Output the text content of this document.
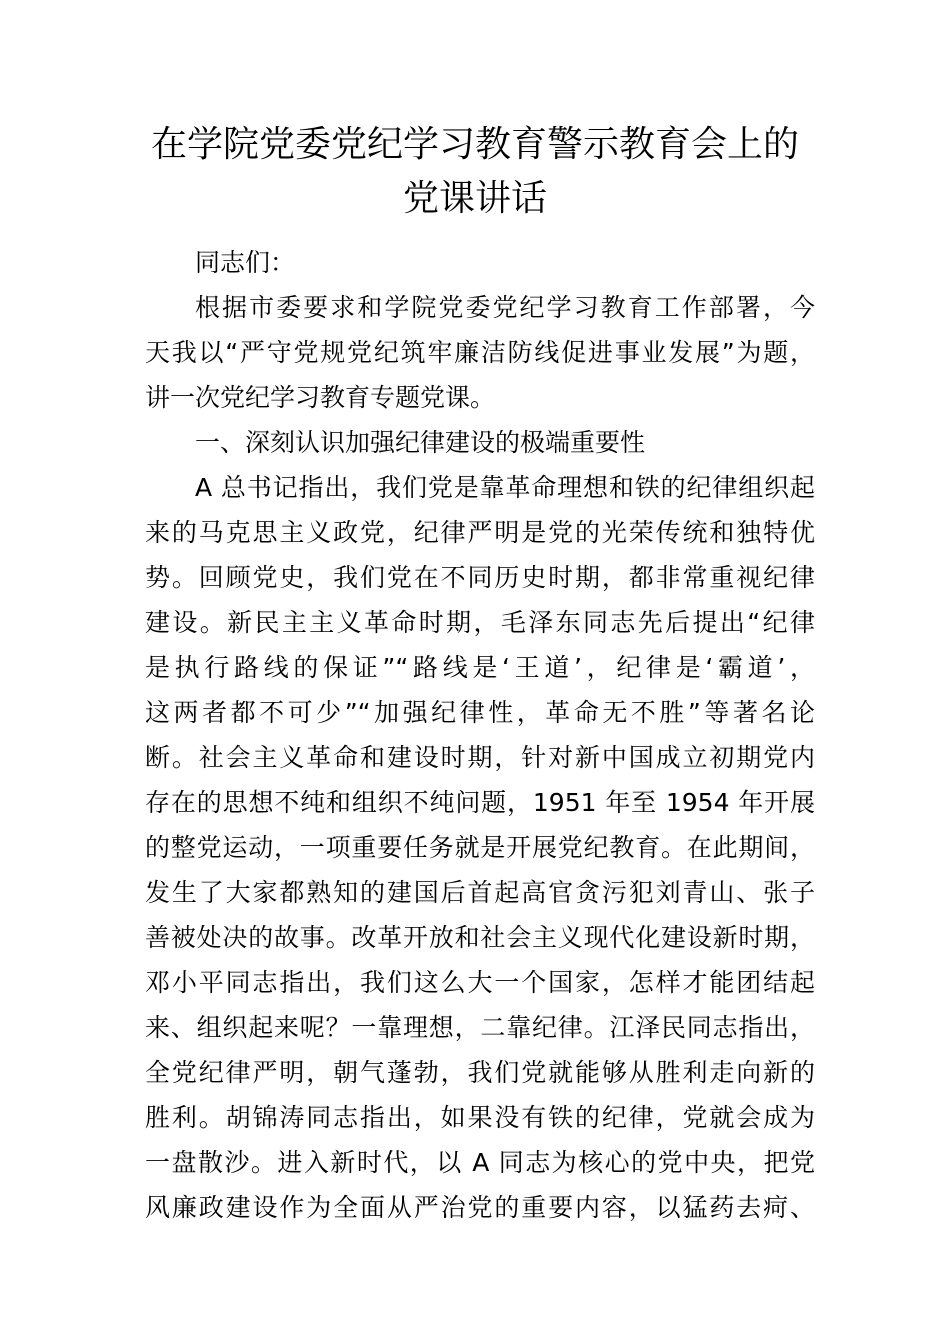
在学院党委党纪学习教育警示教育会上的
党课讲话
同志们：
根据市委要求和学院党委党纪学习教育工作部署，今
天我以“严守党规党纪筑牢廉洁防线促进事业发展”为题，
讲一次党纪学习教育专题党课。
一、深刻认识加强纪律建设的极端重要性
A 总书记指出，我们党是靠革命理想和铁的纪律组织起
来的马克思主义政党，纪律严明是党的光荣传统和独特优
势。回顾党史，我们党在不同历史时期，都非常重视纪律
建设。新民主主义革命时期，毛泽东同志先后提出“纪律
是执行路线的保证”“路线是‘王道’，纪律是‘霸道’，
这两者都不可少”“加强纪律性，革命无不胜”等著名论
断。社会主义革命和建设时期，针对新中国成立初期党内
存在的思想不纯和组织不纯问题，1951 年至 1954 年开展
的整党运动，一项重要任务就是开展党纪教育。在此期间，
发生了大家都熟知的建国后首起高官贪污犯刘青山、张子
善被处决的故事。改革开放和社会主义现代化建设新时期，
邓小平同志指出，我们这么大一个国家，怎样才能团结起
来、组织起来呢？一靠理想，二靠纪律。江泽民同志指出，
全党纪律严明，朝气蓬勃，我们党就能够从胜利走向新的
胜利。胡锦涛同志指出，如果没有铁的纪律，党就会成为
一盘散沙。进入新时代，以 A 同志为核心的党中央，把党
风廉政建设作为全面从严治党的重要内容，以猛药去疴、
